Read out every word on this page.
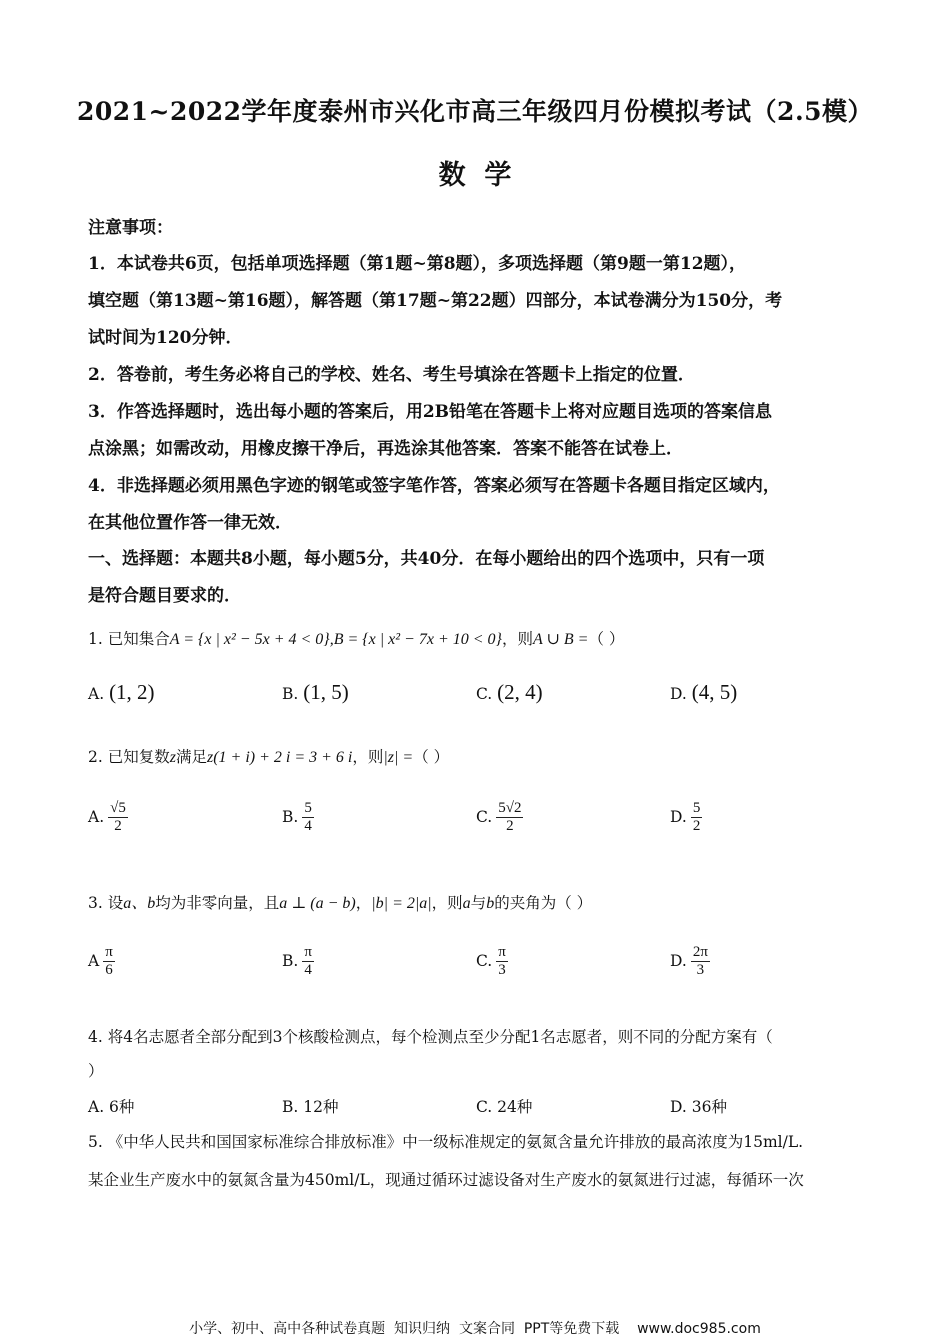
2021~2022学年度泰州市兴化市高三年级四月份模拟考试（2.5模）
数  学
注意事项：
1．本试卷共6页，包括单项选择题（第1题~第8题），多项选择题（第9题一第12题），
填空题（第13题~第16题），解答题（第17题~第22题）四部分，本试卷满分为150分，考
试时间为120分钟．
2．答卷前，考生务必将自己的学校、姓名、考生号填涂在答题卡上指定的位置．
3．作答选择题时，选出每小题的答案后，用2B铅笔在答题卡上将对应题目选项的答案信息
点涂黑；如需改动，用橡皮擦干净后，再选涂其他答案．答案不能答在试卷上．
4．非选择题必须用黑色字迹的钢笔或签字笔作答，答案必须写在答题卡各题目指定区域内，
在其他位置作答一律无效．
一、选择题：本题共8小题，每小题5分，共40分．在每小题给出的四个选项中，只有一项
是符合题目要求的．
1. 已知集合A = {x | x² − 5x + 4 < 0},B = {x | x² − 7x + 10 < 0}，则A ∪ B =（ ）
A. (1, 2)	B. (1, 5)	C. (2, 4)	D. (4, 5)
2. 已知复数z满足z(1 + i) + 2 i = 3 + 6 i，则|z| =（ ）
A. $\frac{√5}{2}$	B. $\frac{5}{4}$	C. $\frac{5√2}{2}$	D. $\frac{5}{2}$
3. 设a、b均为非零向量，且a ⊥ (a − b)，|b| = 2|a|，则a与b的夹角为（ ）
A $\frac{\pi}{6}$	B. $\frac{\pi}{4}$	C. $\frac{\pi}{3}$	D. $\frac{2\pi}{3}$
4. 将4名志愿者全部分配到3个核酸检测点，每个检测点至少分配1名志愿者，则不同的分配方案有（
）
A. 6种	B. 12种	C. 24种	D. 36种
5. 《中华人民共和国国家标准综合排放标准》中一级标准规定的氨氮含量允许排放的最高浓度为15ml/L.
某企业生产废水中的氨氮含量为450ml/L，现通过循环过滤设备对生产废水的氨氮进行过滤，每循环一次
小学、初中、高中各种试卷真题  知识归纳  文案合同  PPT等免费下载    www.doc985.com
